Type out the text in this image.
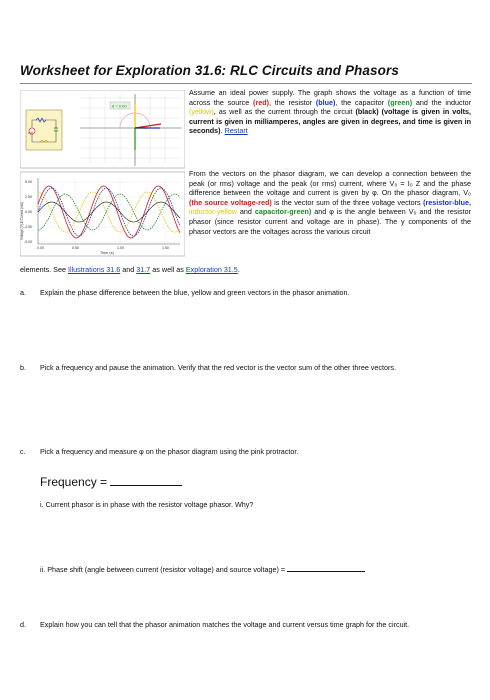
Worksheet for Exploration 31.6: RLC Circuits and Phasors
v(t)
θ = 0.00
5.00
2.50
0.00
-2.50
-5.00
0.00	0.50	1.00	1.50
Time (s)
Voltage (V) & Current (mA)
Assume an ideal power supply. The graph shows the voltage as a function of time across the source (red), the resistor (blue), the capacitor (green) and the inductor (yellow), as well as the current through the circuit (black) (voltage is given in volts, current is given in milliamperes, angles are given in degrees, and time is given in seconds). Restart
From the vectors on the phasor diagram, we can develop a connection between the peak (or rms) voltage and the peak (or rms) current, where V₀ = I₀ Z and the phase difference between the voltage and current is given by φ. On the phasor diagram, V₀ (the source voltage-red) is the vector sum of the three voltage vectors (resistor-blue, inductor-yellow and capacitor-green) and φ is the angle between V₀ and the resistor phasor (since resistor current and voltage are in phase). The y components of the phasor vectors are the voltages across the various circuit
elements. See Illustrations 31.6 and 31.7 as well as Exploration 31.5.
a. Explain the phase difference between the blue, yellow and green vectors in the phasor animation.
b. Pick a frequency and pause the animation. Verify that the red vector is the vector sum of the other three vectors.
c. Pick a frequency and measure φ on the phasor diagram using the pink protractor.
Frequency =
i. Current phasor is in phase with the resistor voltage phasor. Why?
ii. Phase shift (angle between current (resistor voltage) and source voltage) =
d. Explain how you can tell that the phasor animation matches the voltage and current versus time graph for the circuit.
